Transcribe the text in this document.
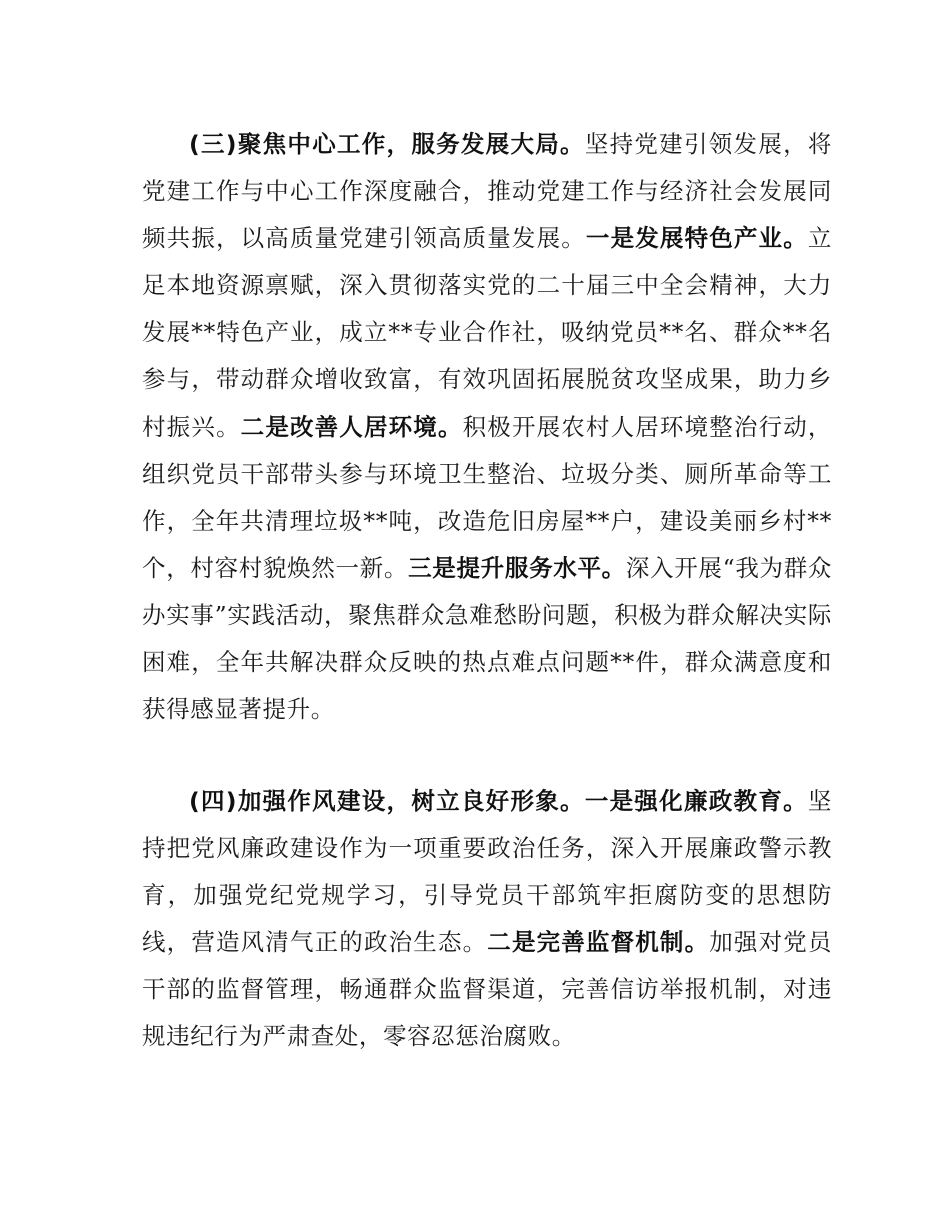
(三)聚焦中心工作，服务发展大局。坚持党建引领发展，将党建工作与中心工作深度融合，推动党建工作与经济社会发展同频共振，以高质量党建引领高质量发展。一是发展特色产业。立足本地资源禀赋，深入贯彻落实党的二十届三中全会精神，大力发展**特色产业，成立**专业合作社，吸纳党员**名、群众**名参与，带动群众增收致富，有效巩固拓展脱贫攻坚成果，助力乡村振兴。二是改善人居环境。积极开展农村人居环境整治行动，组织党员干部带头参与环境卫生整治、垃圾分类、厕所革命等工作，全年共清理垃圾**吨，改造危旧房屋**户，建设美丽乡村**个，村容村貌焕然一新。三是提升服务水平。深入开展“我为群众办实事”实践活动，聚焦群众急难愁盼问题，积极为群众解决实际困难，全年共解决群众反映的热点难点问题**件，群众满意度和获得感显著提升。

(四)加强作风建设，树立良好形象。一是强化廉政教育。坚持把党风廉政建设作为一项重要政治任务，深入开展廉政警示教育，加强党纪党规学习，引导党员干部筑牢拒腐防变的思想防线，营造风清气正的政治生态。二是完善监督机制。加强对党员干部的监督管理，畅通群众监督渠道，完善信访举报机制，对违规违纪行为严肃查处，零容忍惩治腐败。
